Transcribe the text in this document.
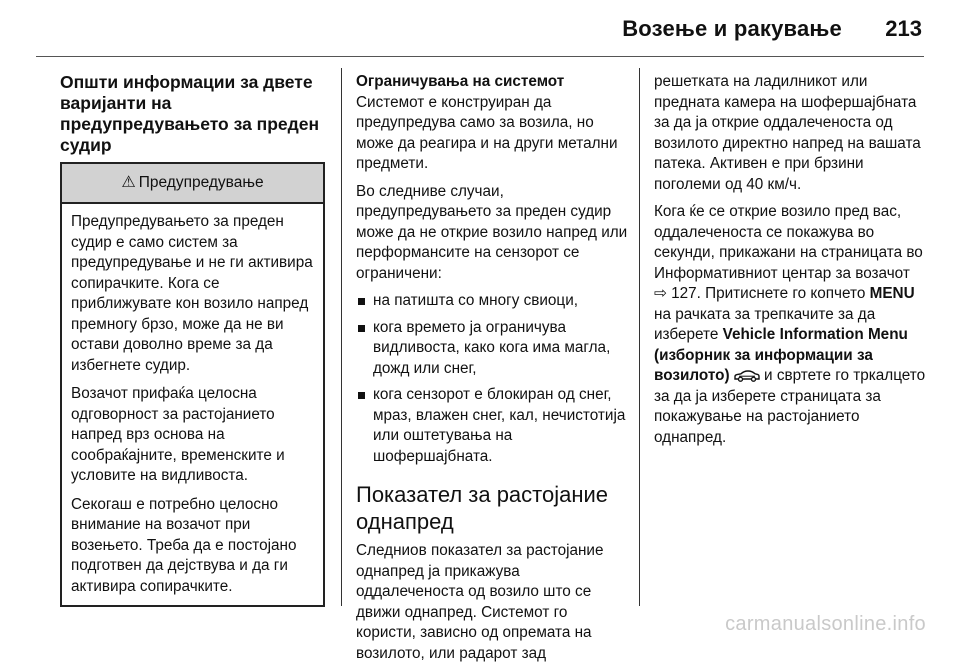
Возење и ракување 213
Општи информации за двете варијанти на предупредувањето за преден судир
⚠ Предупредување

Предупредувањето за преден судир е само систем за предупредување и не ги активира сопирачките. Кога се приближувате кон возило напред премногу брзо, може да не ви остави доволно време за да избегнете судир.

Возачот прифаќа целосна одговорност за растојанието напред врз основа на сообраќајните, временските и условите на видливоста.

Секогаш е потребно целосно внимание на возачот при возењето. Треба да е постојано подготвен да дејствува и да ги активира сопирачките.

Ограничувања на системот

Системот е конструиран да предупредува само за возила, но може да реагира и на други метални предмети.

Во следниве случаи, предупредувањето за преден судир може да не открие возило напред или перформансите на сензорот се ограничени:

на патишта со многу свиоци,
кога времето ја ограничува видливоста, како кога има магла, дожд или снег,
кога сензорот е блокиран од снег, мраз, влажен снег, кал, нечистотија или оштетувања на шофершајбната.
Показател за растојание однапред

Следниов показател за растојание однапред ја прикажува оддалеченоста од возило што се движи однапред. Системот го користи, зависно од опремата на возилото, или радарот зад

решетката на ладилникот или предната камера на шофершајбната за да ја открие оддалеченоста од возилото директно напред на вашата патека. Активен е при брзини поголеми од 40 км/ч.

Кога ќе се открие возило пред вас, оддалеченоста се покажува во секунди, прикажани на страницата во Информативниот центар за возачот ⇨ 127. Притиснете го копчето MENU на рачката за трепкачите за да изберете Vehicle Information Menu (изборник за информации за возилото)  и свртете го тркалцето за да ја изберете страницата за покажување на растојанието однапред.

carmanualsonline.info
